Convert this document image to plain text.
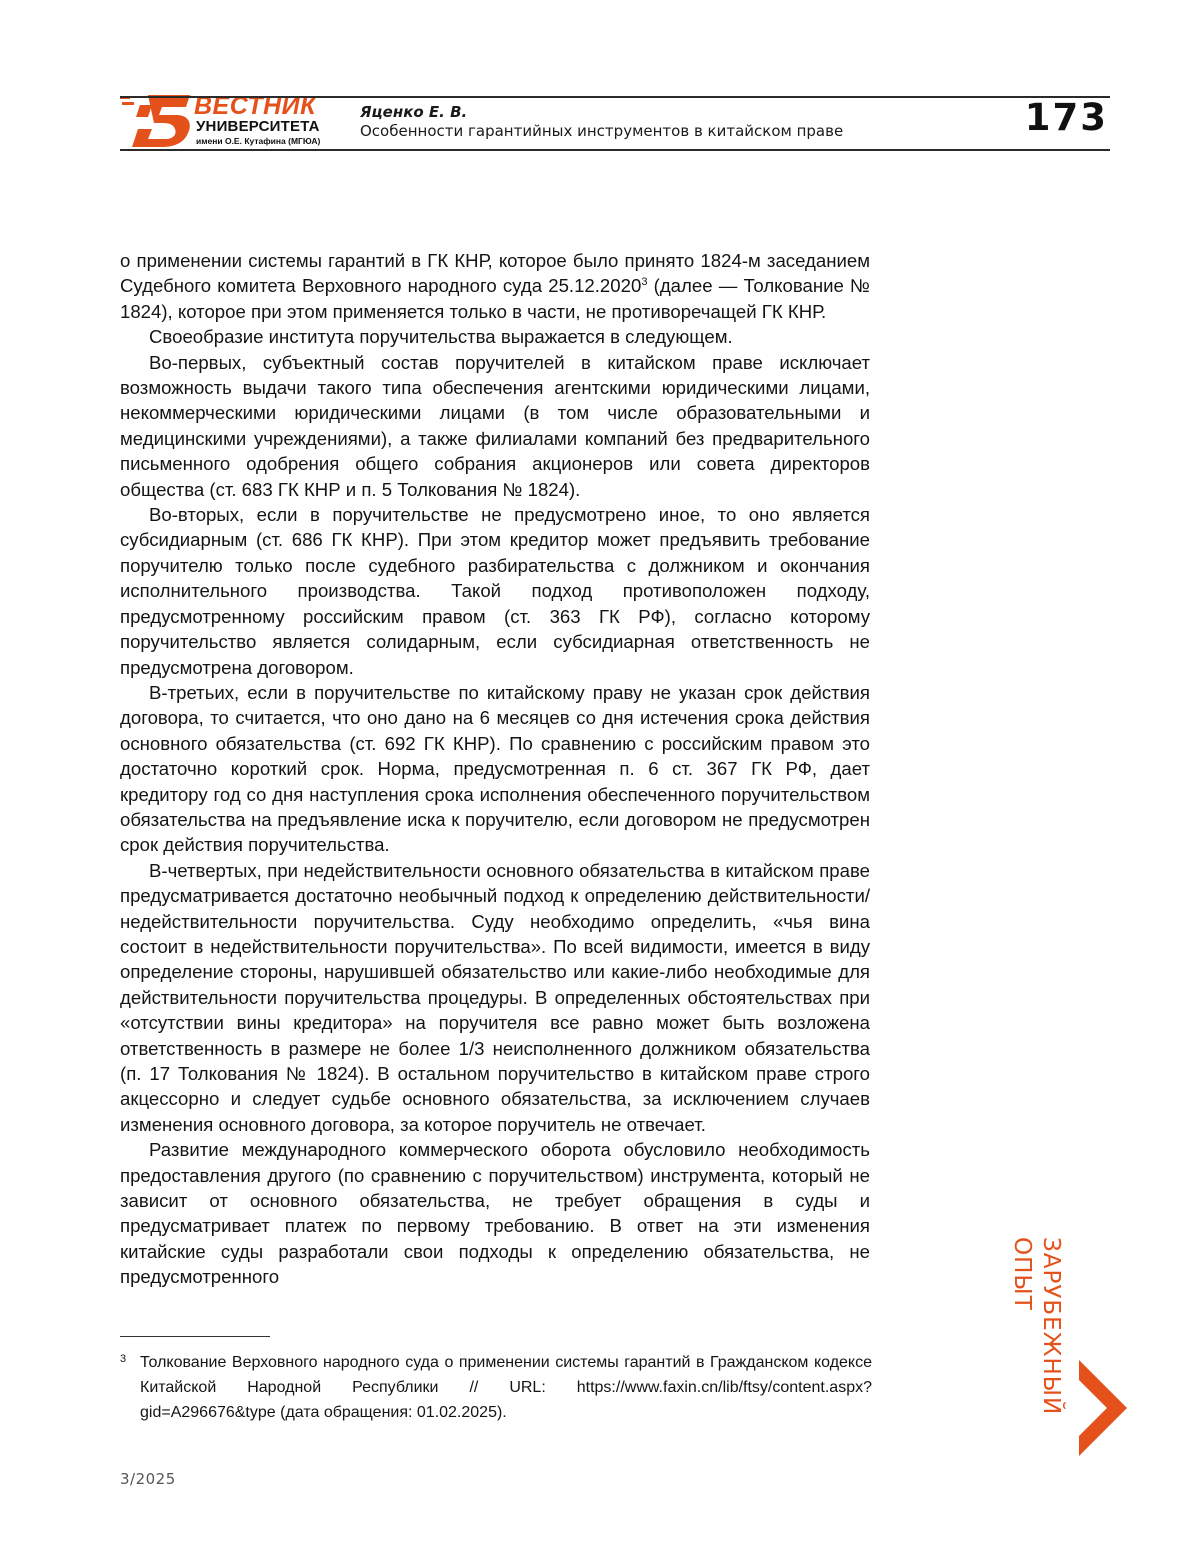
ВЕСТНИК
УНИВЕРСИТЕТА
имени О.Е. Кутафина (МГЮА)
Яценко Е. В.
Особенности гарантийных инструментов в китайском праве	173

о применении системы гарантий в ГК КНР, которое было принято 1824-м заседанием Судебного комитета Верховного народного суда 25.12.20203 (далее — Толкование № 1824), которое при этом применяется только в части, не противоречащей ГК КНР.

Своеобразие института поручительства выражается в следующем.

Во-первых, субъектный состав поручителей в китайском праве исключает возможность выдачи такого типа обеспечения агентскими юридическими лицами, некоммерческими юридическими лицами (в том числе образовательными и медицинскими учреждениями), а также филиалами компаний без предварительного письменного одобрения общего собрания акционеров или совета директоров общества (ст. 683 ГК КНР и п. 5 Толкования № 1824).

Во-вторых, если в поручительстве не предусмотрено иное, то оно является субсидиарным (ст. 686 ГК КНР). При этом кредитор может предъявить требование поручителю только после судебного разбирательства с должником и окончания исполнительного производства. Такой подход противоположен подходу, предусмотренному российским правом (ст. 363 ГК РФ), согласно которому поручительство является солидарным, если субсидиарная ответственность не предусмотрена договором.

В-третьих, если в поручительстве по китайскому праву не указан срок действия договора, то считается, что оно дано на 6 месяцев со дня истечения срока действия основного обязательства (ст. 692 ГК КНР). По сравнению с российским правом это достаточно короткий срок. Норма, предусмотренная п. 6 ст. 367 ГК РФ, дает кредитору год со дня наступления срока исполнения обеспеченного поручительством обязательства на предъявление иска к поручителю, если договором не предусмотрен срок действия поручительства.

В-четвертых, при недействительности основного обязательства в китайском праве предусматривается достаточно необычный подход к определению действительности/недействительности поручительства. Суду необходимо определить, «чья вина состоит в недействительности поручительства». По всей видимости, имеется в виду определение стороны, нарушившей обязательство или какие-либо необходимые для действительности поручительства процедуры. В определенных обстоятельствах при «отсутствии вины кредитора» на поручителя все равно может быть возложена ответственность в размере не более 1/3 неисполненного должником обязательства (п. 17 Толкования № 1824). В остальном поручительство в китайском праве строго акцессорно и следует судьбе основного обязательства, за исключением случаев изменения основного договора, за которое поручитель не отвечает.

Развитие международного коммерческого оборота обусловило необходимость предоставления другого (по сравнению с поручительством) инструмента, который не зависит от основного обязательства, не требует обращения в суды и предусматривает платеж по первому требованию. В ответ на эти изменения китайские суды разработали свои подходы к определению обязательства, не предусмотренного

3 Толкование Верховного народного суда о применении системы гарантий в Гражданском кодексе Китайской Народной Республики // URL: https://www.faxin.cn/lib/ftsy/content.aspx?gid=A296676&type (дата обращения: 01.02.2025).
3/2025
ЗАРУБЕЖНЫЙ
ОПЫТ
